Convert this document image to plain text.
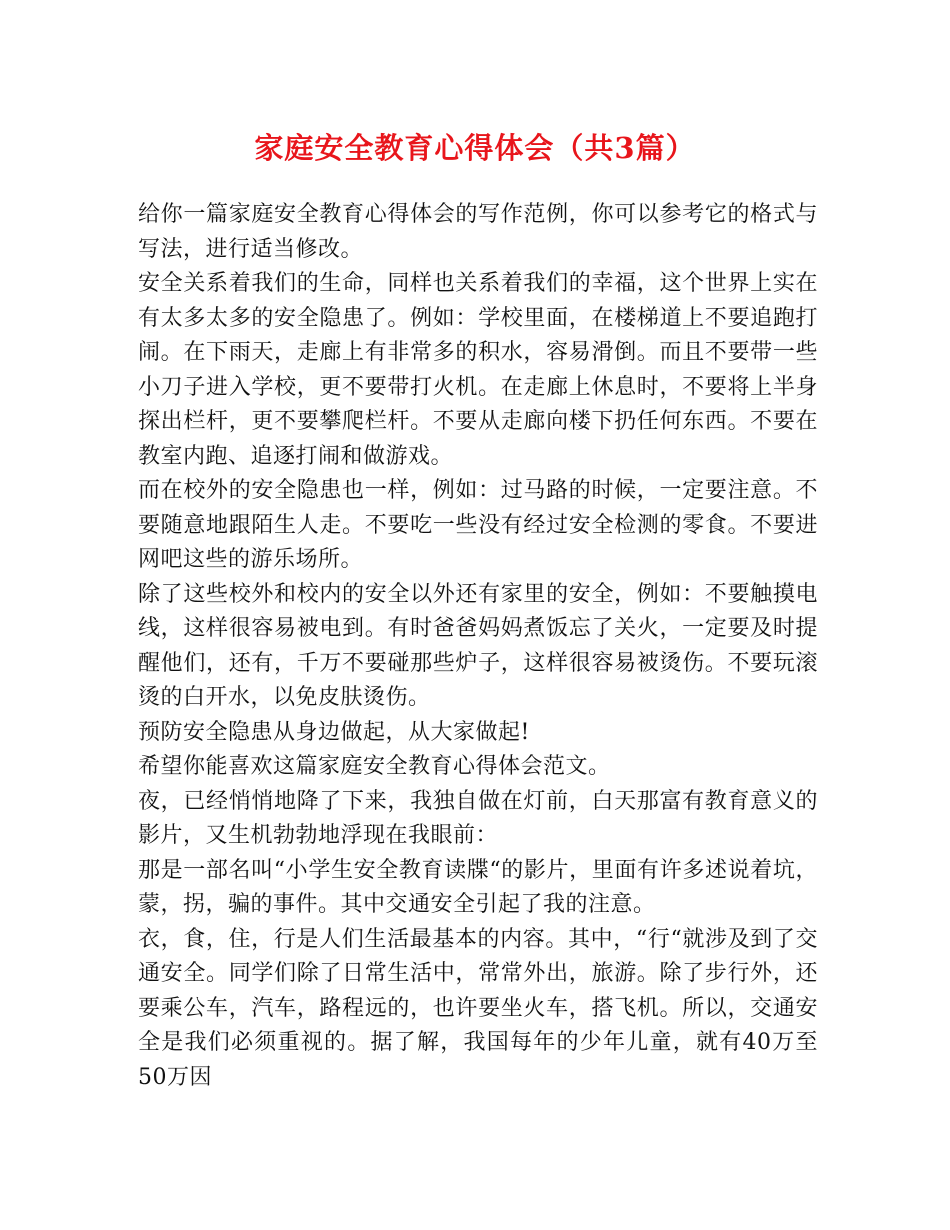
家庭安全教育心得体会（共3篇）

给你一篇家庭安全教育心得体会的写作范例，你可以参考它的格式与写法，进行适当修改。

安全关系着我们的生命，同样也关系着我们的幸福，这个世界上实在有太多太多的安全隐患了。例如：学校里面，在楼梯道上不要追跑打闹。在下雨天，走廊上有非常多的积水，容易滑倒。而且不要带一些小刀子进入学校，更不要带打火机。在走廊上休息时，不要将上半身探出栏杆，更不要攀爬栏杆。不要从走廊向楼下扔任何东西。不要在教室内跑、追逐打闹和做游戏。

而在校外的安全隐患也一样，例如：过马路的时候，一定要注意。不要随意地跟陌生人走。不要吃一些没有经过安全检测的零食。不要进网吧这些的游乐场所。

除了这些校外和校内的安全以外还有家里的安全，例如：不要触摸电线，这样很容易被电到。有时爸爸妈妈煮饭忘了关火，一定要及时提醒他们，还有，千万不要碰那些炉子，这样很容易被烫伤。不要玩滚烫的白开水，以免皮肤烫伤。

预防安全隐患从身边做起，从大家做起!

希望你能喜欢这篇家庭安全教育心得体会范文。

夜，已经悄悄地降了下来，我独自做在灯前，白天那富有教育意义的影片，又生机勃勃地浮现在我眼前：

那是一部名叫“小学生安全教育读牒“的影片，里面有许多述说着坑，蒙，拐，骗的事件。其中交通安全引起了我的注意。

衣，食，住，行是人们生活最基本的内容。其中，“行“就涉及到了交通安全。同学们除了日常生活中，常常外出，旅游。除了步行外，还要乘公车，汽车，路程远的，也许要坐火车，搭飞机。所以，交通安全是我们必须重视的。据了解，我国每年的少年儿童，就有40万至50万因
